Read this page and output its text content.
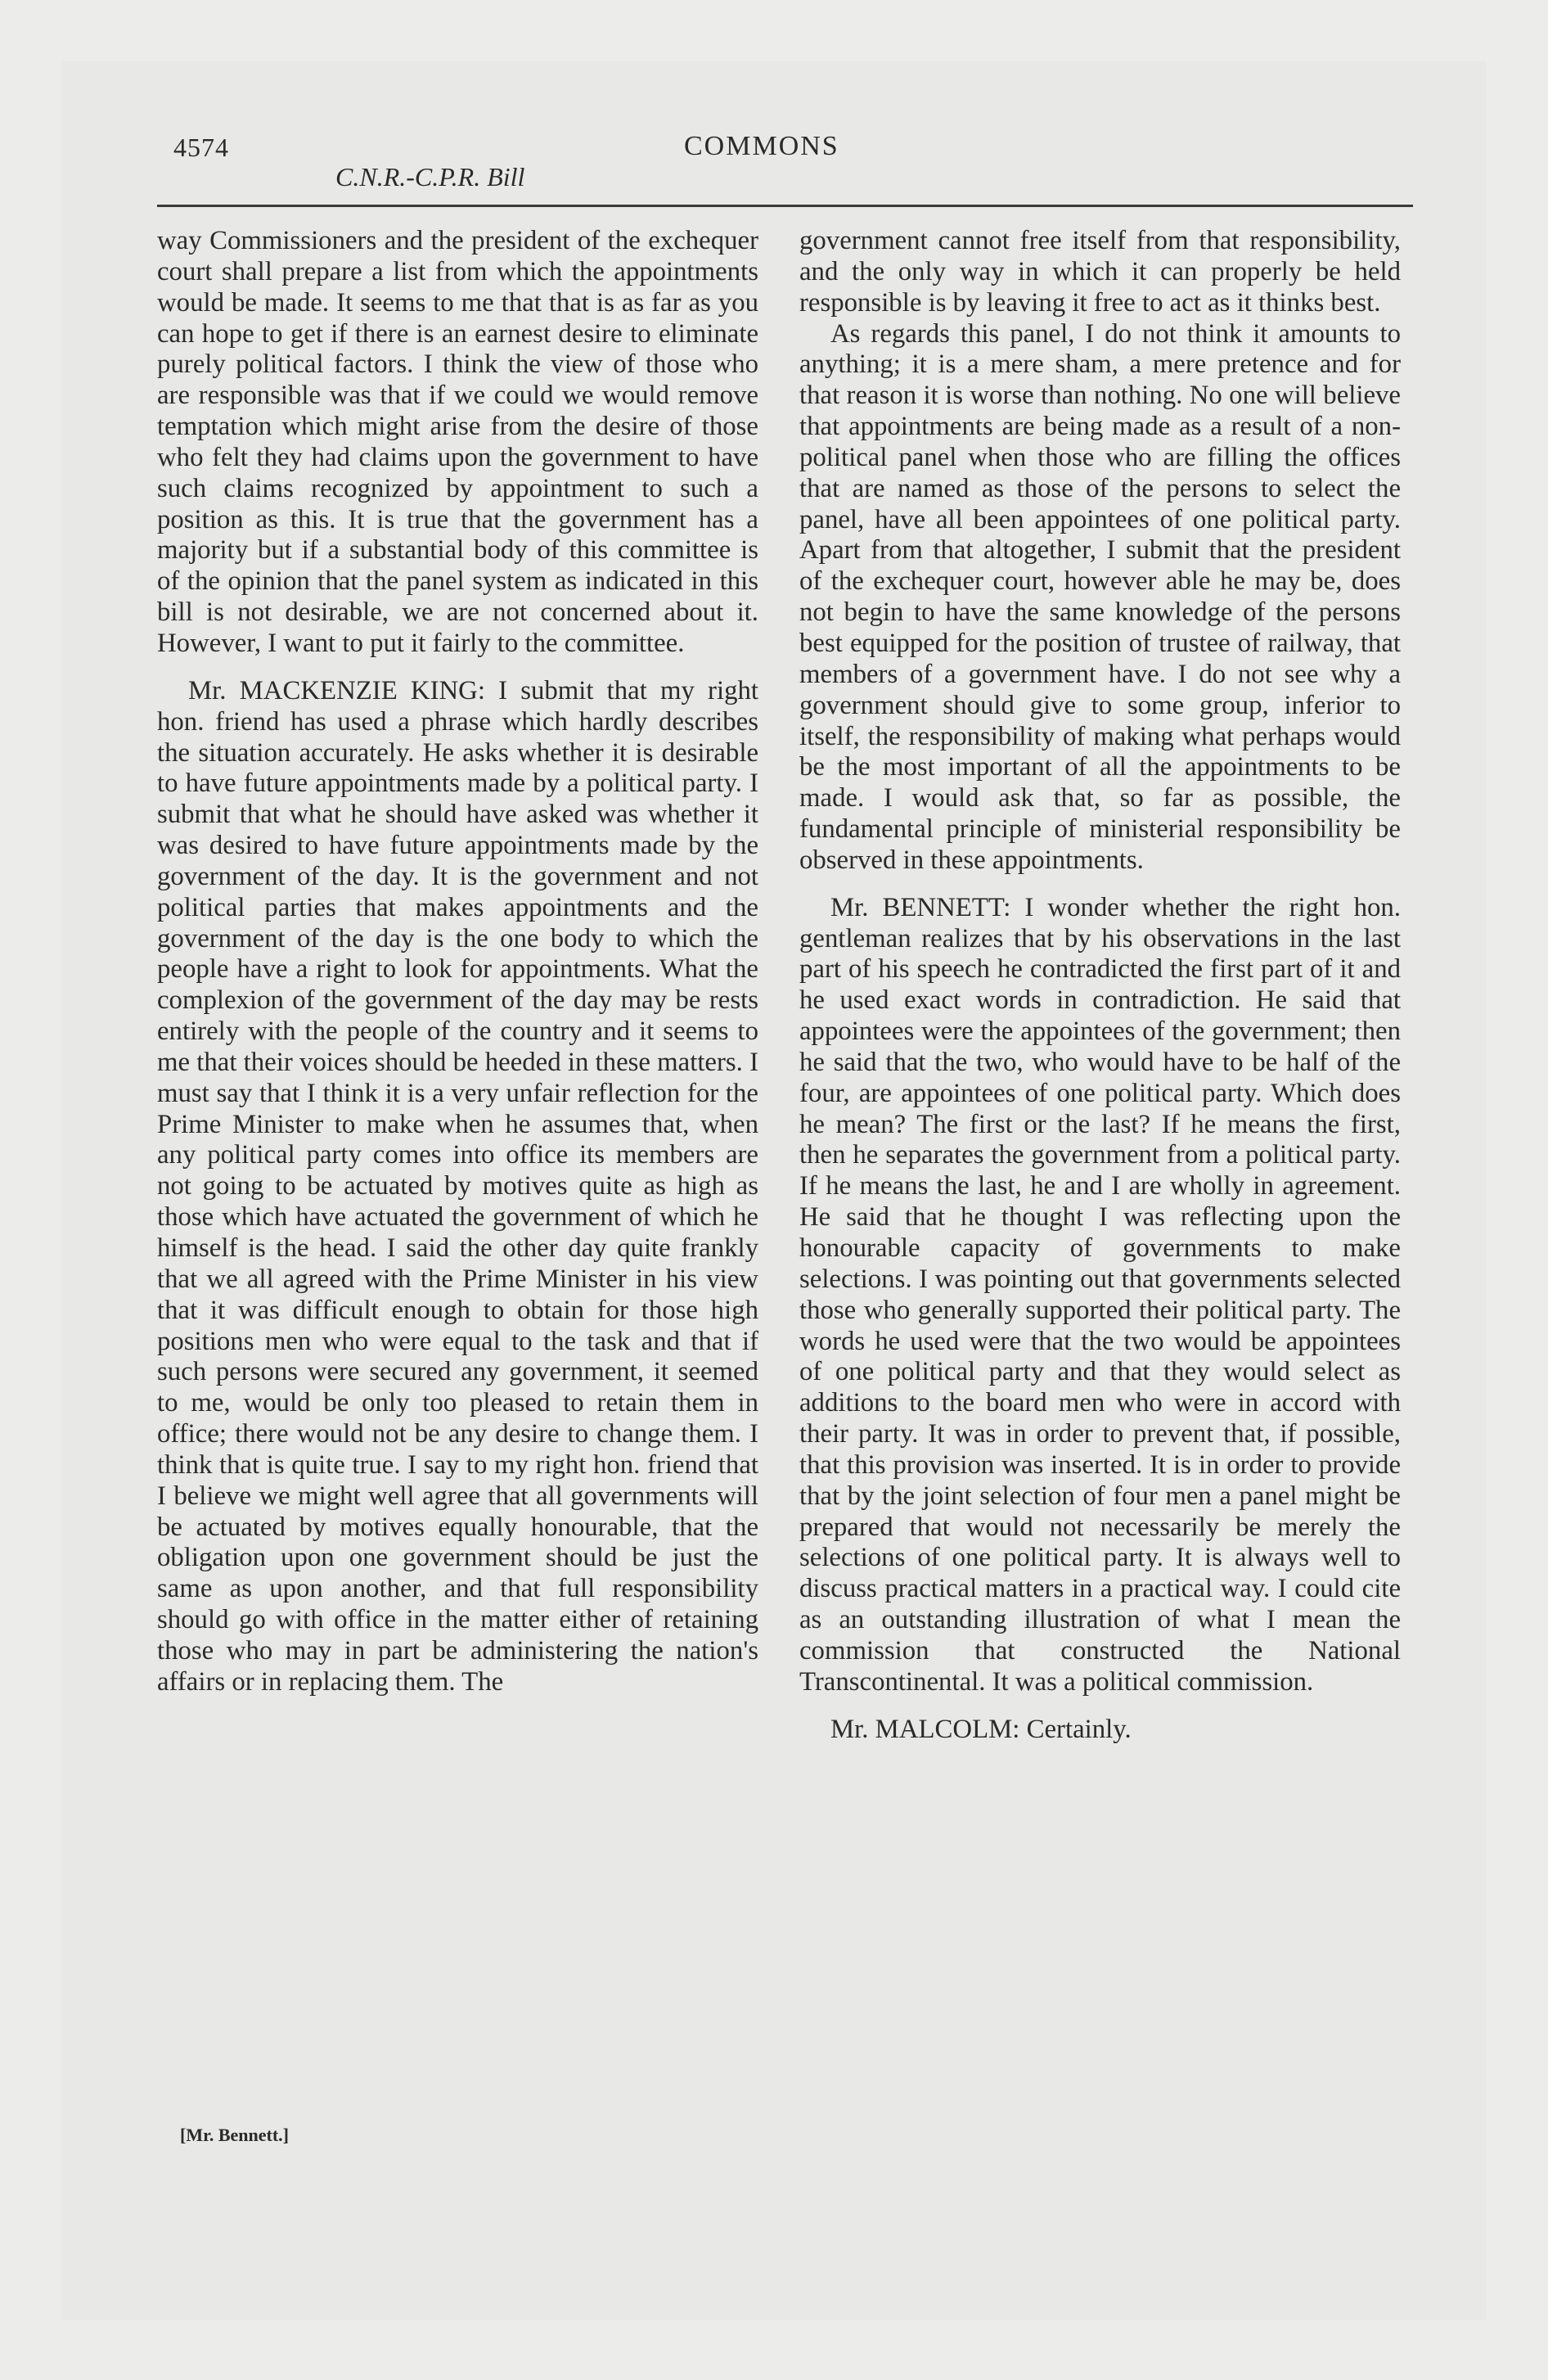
4574	COMMONS
C.N.R.-C.P.R. Bill

way Commissioners and the president of the exchequer court shall prepare a list from which the appointments would be made. It seems to me that that is as far as you can hope to get if there is an earnest desire to eliminate purely political factors. I think the view of those who are responsible was that if we could we would remove temptation which might arise from the desire of those who felt they had claims upon the government to have such claims recognized by appointment to such a position as this. It is true that the government has a majority but if a substantial body of this committee is of the opinion that the panel system as indicated in this bill is not desirable, we are not concerned about it. However, I want to put it fairly to the committee.

Mr. MACKENZIE KING: I submit that my right hon. friend has used a phrase which hardly describes the situation accurately. He asks whether it is desirable to have future appointments made by a political party. I submit that what he should have asked was whether it was desired to have future appointments made by the government of the day. It is the government and not political parties that makes appointments and the government of the day is the one body to which the people have a right to look for appointments. What the complexion of the government of the day may be rests entirely with the people of the country and it seems to me that their voices should be heeded in these matters. I must say that I think it is a very unfair reflection for the Prime Minister to make when he assumes that, when any political party comes into office its members are not going to be actuated by motives quite as high as those which have actuated the government of which he himself is the head. I said the other day quite frankly that we all agreed with the Prime Minister in his view that it was difficult enough to obtain for those high positions men who were equal to the task and that if such persons were secured any government, it seemed to me, would be only too pleased to retain them in office; there would not be any desire to change them. I think that is quite true. I say to my right hon. friend that I believe we might well agree that all governments will be actuated by motives equally honourable, that the obligation upon one government should be just the same as upon another, and that full responsibility should go with office in the matter either of retaining those who may in part be administering the nation's affairs or in replacing them. The

government cannot free itself from that responsibility, and the only way in which it can properly be held responsible is by leaving it free to act as it thinks best.

As regards this panel, I do not think it amounts to anything; it is a mere sham, a mere pretence and for that reason it is worse than nothing. No one will believe that appointments are being made as a result of a non-political panel when those who are filling the offices that are named as those of the persons to select the panel, have all been appointees of one political party. Apart from that altogether, I submit that the president of the exchequer court, however able he may be, does not begin to have the same knowledge of the persons best equipped for the position of trustee of railway, that members of a government have. I do not see why a government should give to some group, inferior to itself, the responsibility of making what perhaps would be the most important of all the appointments to be made. I would ask that, so far as possible, the fundamental principle of ministerial responsibility be observed in these appointments.

Mr. BENNETT: I wonder whether the right hon. gentleman realizes that by his observations in the last part of his speech he contradicted the first part of it and he used exact words in contradiction. He said that appointees were the appointees of the government; then he said that the two, who would have to be half of the four, are appointees of one political party. Which does he mean? The first or the last? If he means the first, then he separates the government from a political party. If he means the last, he and I are wholly in agreement. He said that he thought I was reflecting upon the honourable capacity of governments to make selections. I was pointing out that governments selected those who generally supported their political party. The words he used were that the two would be appointees of one political party and that they would select as additions to the board men who were in accord with their party. It was in order to prevent that, if possible, that this provision was inserted. It is in order to provide that by the joint selection of four men a panel might be prepared that would not necessarily be merely the selections of one political party. It is always well to discuss practical matters in a practical way. I could cite as an outstanding illustration of what I mean the commission that constructed the National Transcontinental. It was a political commission.

Mr. MALCOLM: Certainly.

[Mr. Bennett.]
